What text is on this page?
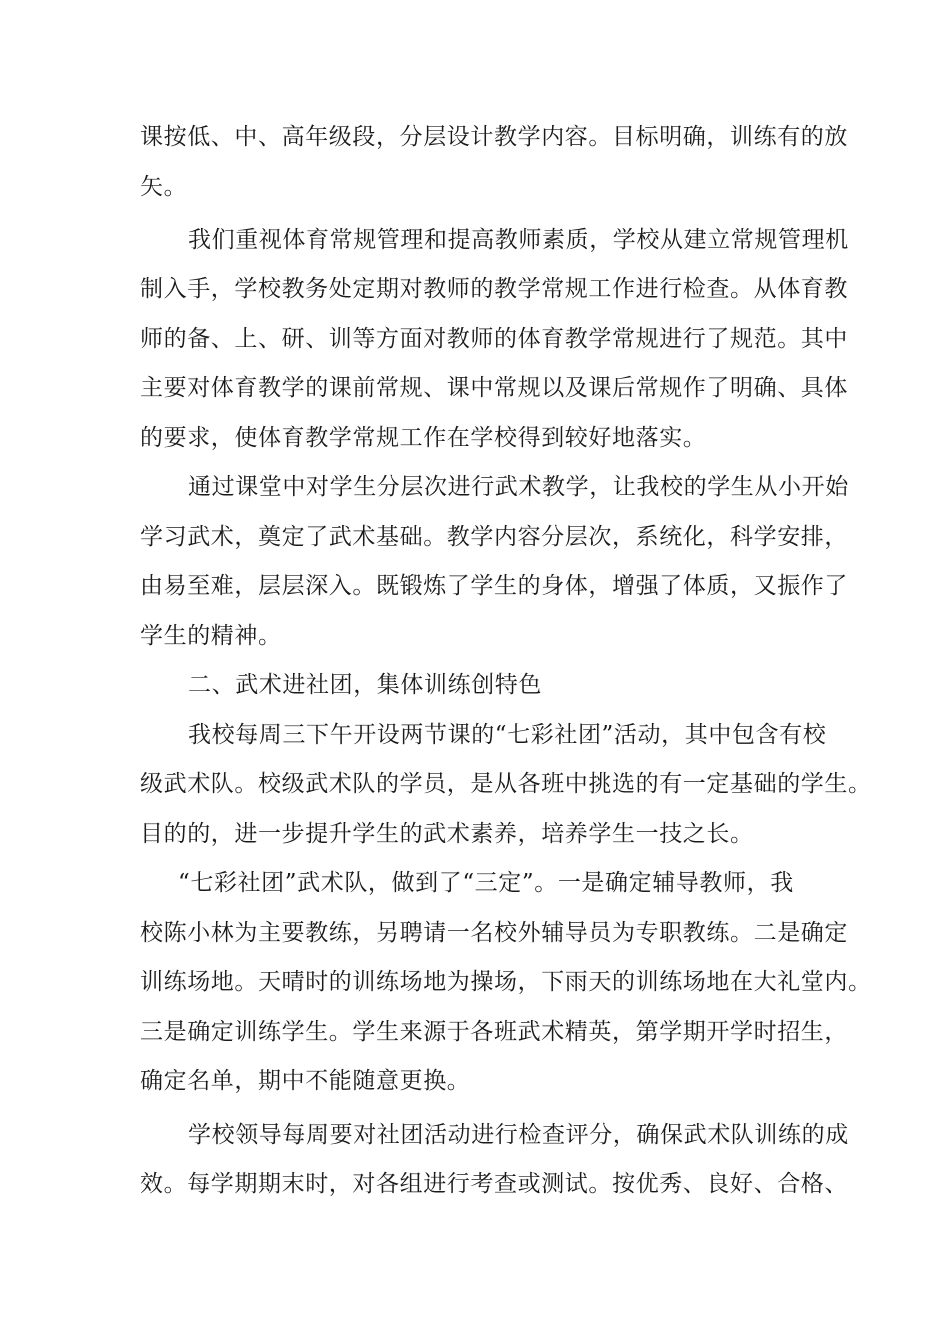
课按低、中、高年级段，分层设计教学内容。目标明确，训练有的放
矢。
我们重视体育常规管理和提高教师素质，学校从建立常规管理机
制入手，学校教务处定期对教师的教学常规工作进行检查。从体育教
师的备、上、研、训等方面对教师的体育教学常规进行了规范。其中
主要对体育教学的课前常规、课中常规以及课后常规作了明确、具体
的要求，使体育教学常规工作在学校得到较好地落实。
通过课堂中对学生分层次进行武术教学，让我校的学生从小开始
学习武术，奠定了武术基础。教学内容分层次，系统化，科学安排，
由易至难，层层深入。既锻炼了学生的身体，增强了体质，又振作了
学生的精神。
二、武术进社团，集体训练创特色
我校每周三下午开设两节课的“七彩社团”活动，其中包含有校
级武术队。校级武术队的学员，是从各班中挑选的有一定基础的学生。
目的的，进一步提升学生的武术素养，培养学生一技之长。
“七彩社团”武术队，做到了“三定”。一是确定辅导教师，我
校陈小林为主要教练，另聘请一名校外辅导员为专职教练。二是确定
训练场地。天晴时的训练场地为操场，下雨天的训练场地在大礼堂内。
三是确定训练学生。学生来源于各班武术精英，第学期开学时招生，
确定名单，期中不能随意更换。
学校领导每周要对社团活动进行检查评分，确保武术队训练的成
效。每学期期末时，对各组进行考查或测试。按优秀、良好、合格、
